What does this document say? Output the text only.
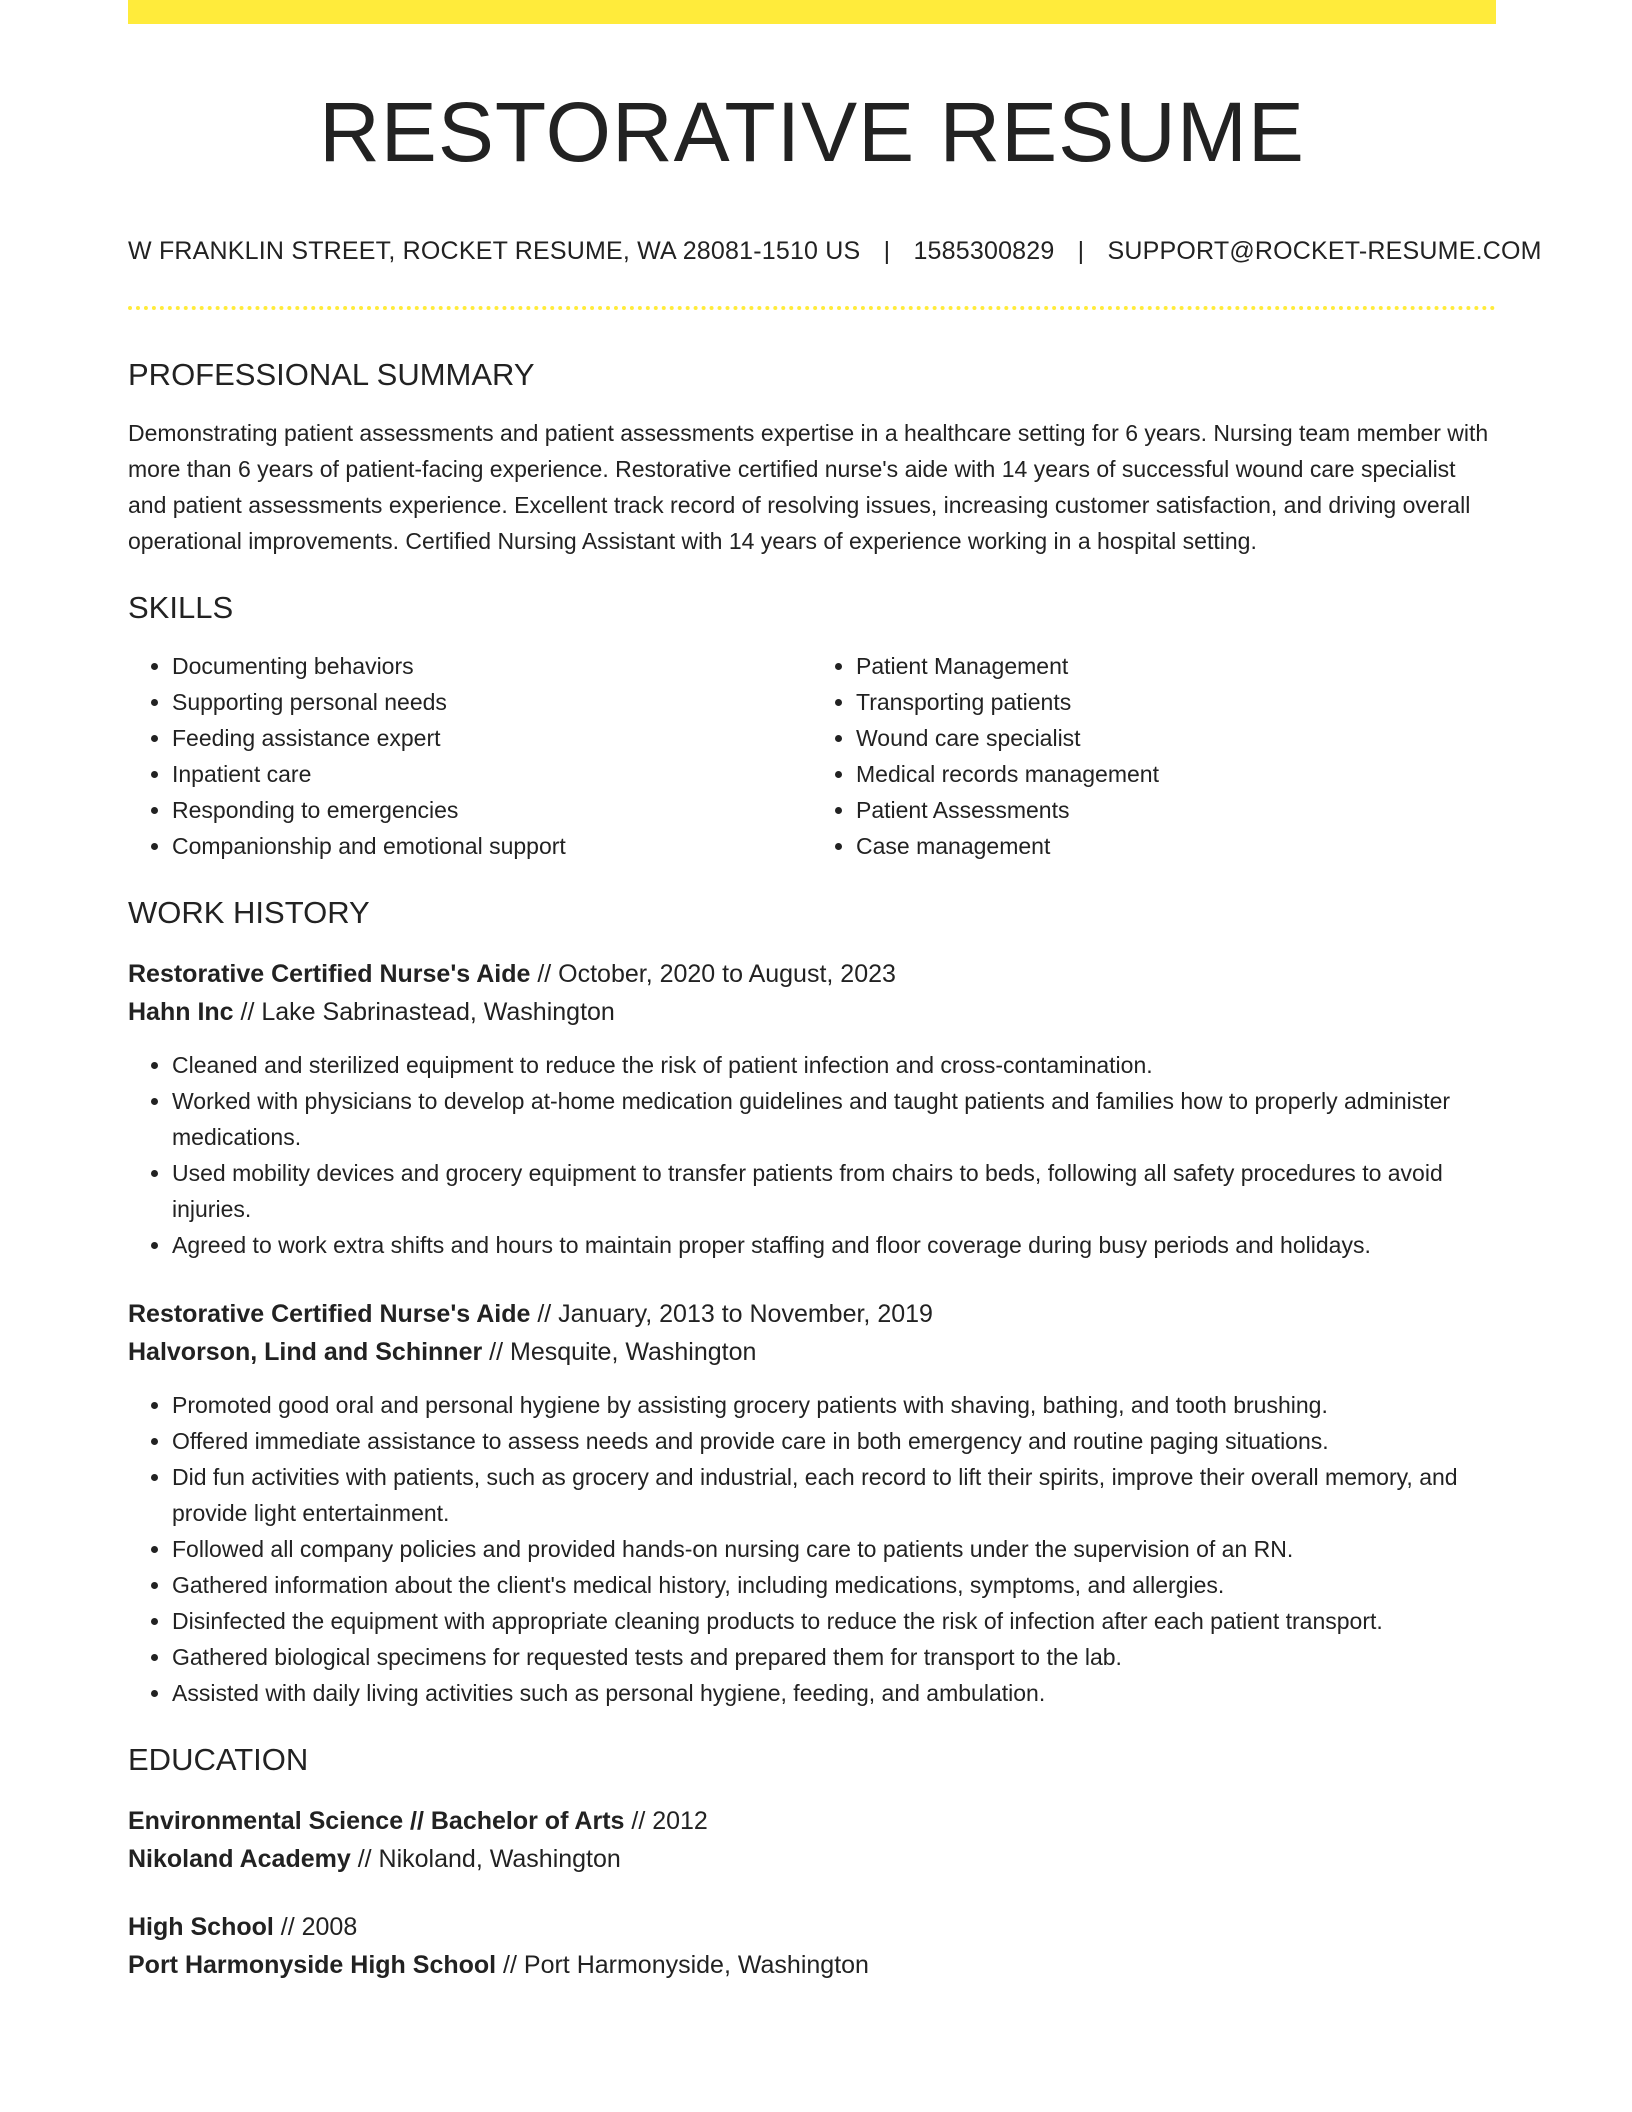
RESTORATIVE RESUME
W FRANKLIN STREET, ROCKET RESUME, WA 28081-1510 US | 1585300829 | SUPPORT@ROCKET-RESUME.COM
PROFESSIONAL SUMMARY

Demonstrating patient assessments and patient assessments expertise in a healthcare setting for 6 years. Nursing team member with more than 6 years of patient-facing experience. Restorative certified nurse's aide with 14 years of successful wound care specialist and patient assessments experience. Excellent track record of resolving issues, increasing customer satisfaction, and driving overall operational improvements. Certified Nursing Assistant with 14 years of experience working in a hospital setting.

SKILLS
• Documenting behaviors
• Supporting personal needs
• Feeding assistance expert
• Inpatient care
• Responding to emergencies
• Companionship and emotional support
• Patient Management
• Transporting patients
• Wound care specialist
• Medical records management
• Patient Assessments
• Case management
WORK HISTORY

Restorative Certified Nurse's Aide // October, 2020 to August, 2023

Hahn Inc // Lake Sabrinastead, Washington

• Cleaned and sterilized equipment to reduce the risk of patient infection and cross-contamination.
• Worked with physicians to develop at-home medication guidelines and taught patients and families how to properly administer medications.
• Used mobility devices and grocery equipment to transfer patients from chairs to beds, following all safety procedures to avoid injuries.
• Agreed to work extra shifts and hours to maintain proper staffing and floor coverage during busy periods and holidays.

Restorative Certified Nurse's Aide // January, 2013 to November, 2019

Halvorson, Lind and Schinner // Mesquite, Washington

• Promoted good oral and personal hygiene by assisting grocery patients with shaving, bathing, and tooth brushing.
• Offered immediate assistance to assess needs and provide care in both emergency and routine paging situations.
• Did fun activities with patients, such as grocery and industrial, each record to lift their spirits, improve their overall memory, and provide light entertainment.
• Followed all company policies and provided hands-on nursing care to patients under the supervision of an RN.
• Gathered information about the client's medical history, including medications, symptoms, and allergies.
• Disinfected the equipment with appropriate cleaning products to reduce the risk of infection after each patient transport.
• Gathered biological specimens for requested tests and prepared them for transport to the lab.
• Assisted with daily living activities such as personal hygiene, feeding, and ambulation.
EDUCATION

Environmental Science // Bachelor of Arts // 2012

Nikoland Academy // Nikoland, Washington

High School // 2008

Port Harmonyside High School // Port Harmonyside, Washington
